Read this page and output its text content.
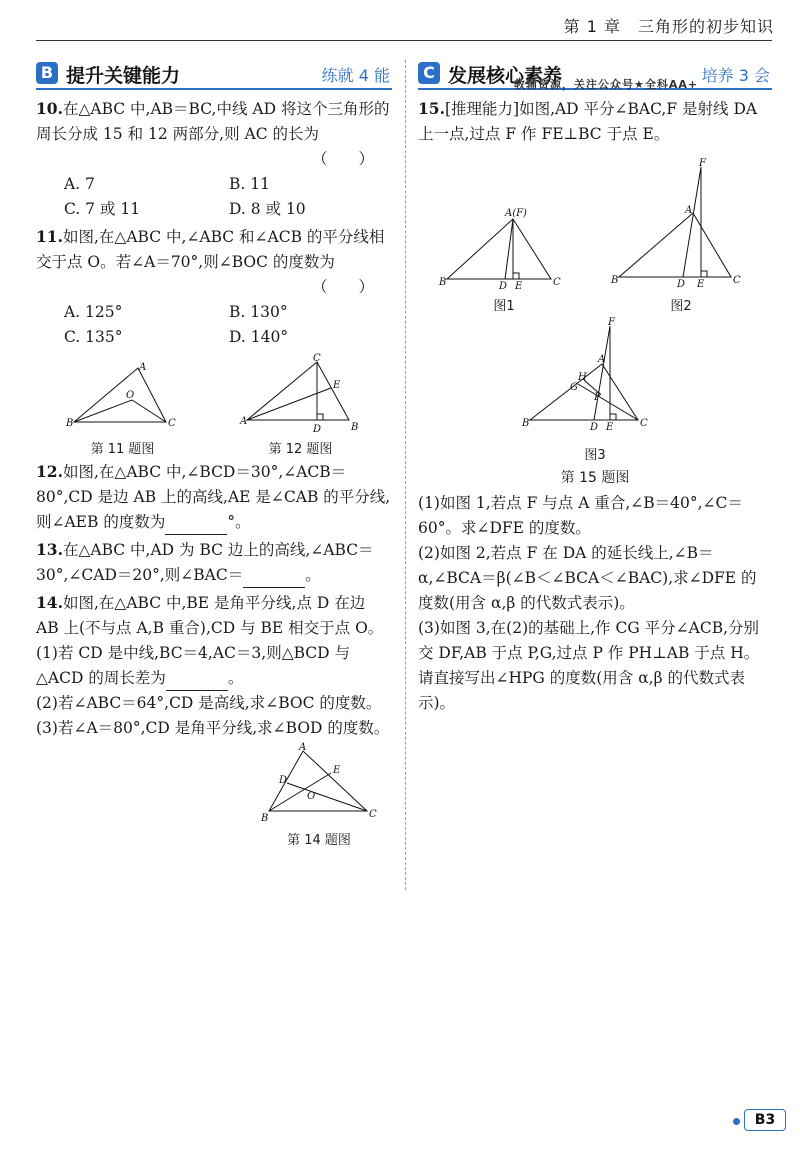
第 1 章　三角形的初步知识
B 提升关键能力	练就 4 能

10.在△ABC 中,AB＝BC,中线 AD 将这个三角形的周长分成 15 和 12 两部分,则 AC 的长为
（　　）

A. 7	B. 11
C. 7 或 11	D. 8 或 10

11.如图,在△ABC 中,∠ABC 和∠ACB 的平分线相交于点 O。若∠A＝70°,则∠BOC 的度数为
（　　）

A. 125°	B. 130°
C. 135°	D. 140°
A
B	C
O
第 11 题图
C
A
B
D
E
第 12 题图

12.如图,在△ABC 中,∠BCD＝30°,∠ACB＝80°,CD 是边 AB 上的高线,AE 是∠CAB 的平分线,则∠AEB 的度数为	°。

13.在△ABC 中,AD 为 BC 边上的高线,∠ABC＝30°,∠CAD＝20°,则∠BAC＝	。

14.如图,在△ABC 中,BE 是角平分线,点 D 在边 AB 上(不与点 A,B 重合),CD 与 BE 相交于点 O。

(1)若 CD 是中线,BC＝4,AC＝3,则△BCD 与△ACD 的周长差为	。

(2)若∠ABC＝64°,CD 是高线,求∠BOC 的度数。

(3)若∠A＝80°,CD 是角平分线,求∠BOD 的度数。

A
B	C
D
E
O
第 14 题图
C 发展核心素养
教辅资源，关注公众号★全科AA+ 培养 3 会

15.[推理能力]如图,AD 平分∠BAC,F 是射线 DA 上一点,过点 F 作 FE⊥BC 于点 E。

A(F)
B	D E	C
图1
F
A
B	D E	C
图2
F
A
H
G
P
B	D E	C
图3
第 15 题图

(1)如图 1,若点 F 与点 A 重合,∠B＝40°,∠C＝60°。求∠DFE 的度数。

(2)如图 2,若点 F 在 DA 的延长线上,∠B＝α,∠BCA＝β(∠B＜∠BCA＜∠BAC),求∠DFE 的度数(用含 α,β 的代数式表示)。

(3)如图 3,在(2)的基础上,作 CG 平分∠ACB,分别交 DF,AB 于点 P,G,过点 P 作 PH⊥AB 于点 H。请直接写出∠HPG 的度数(用含 α,β 的代数式表示)。

B3
